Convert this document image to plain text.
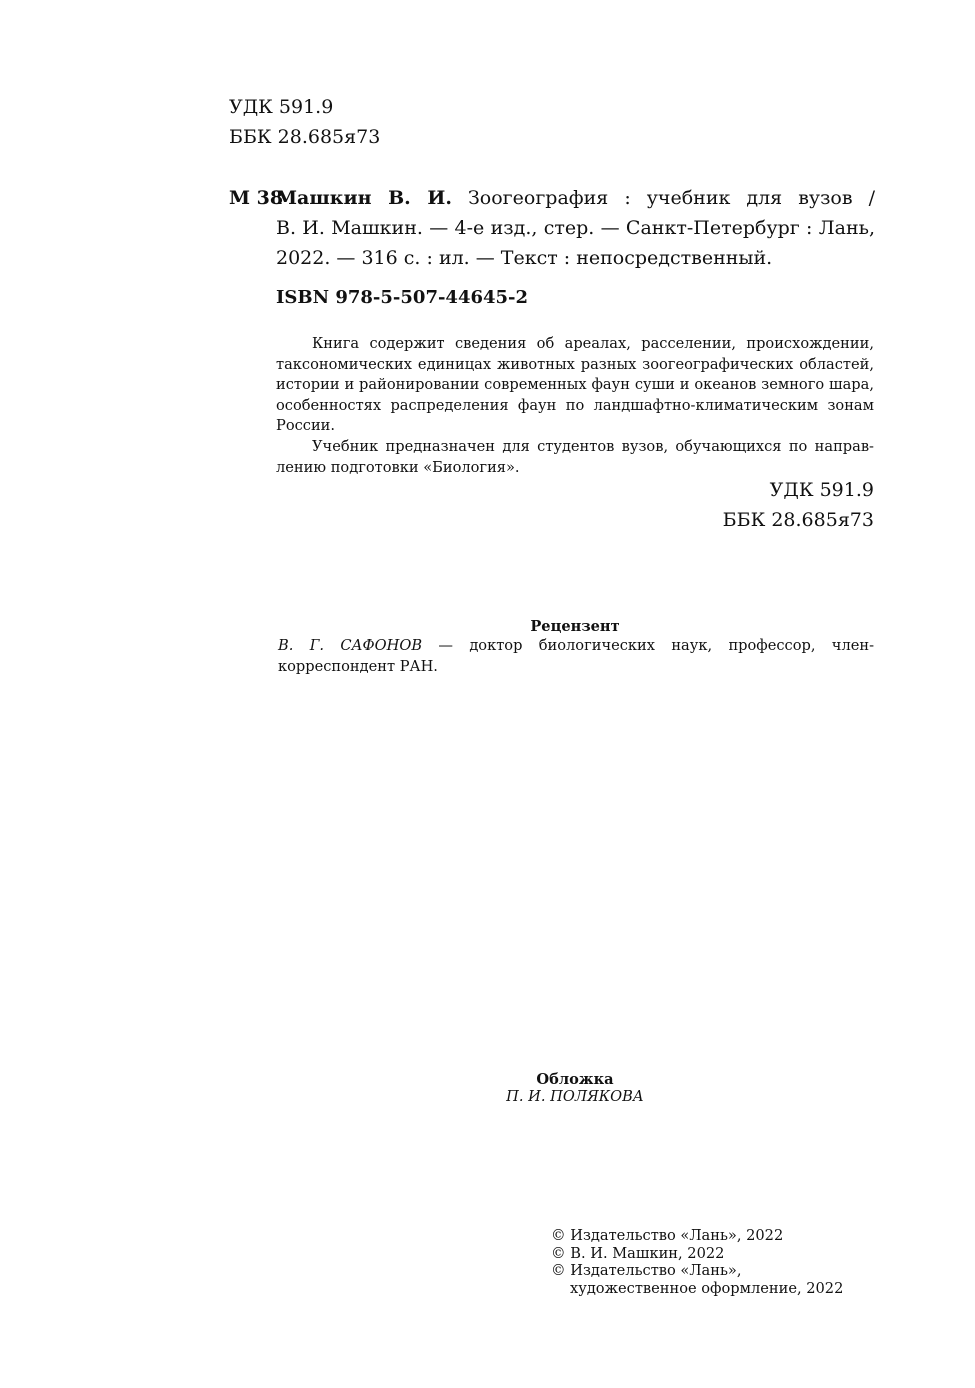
УДК 591.9
ББК 28.685я73
М 38
Машкин В. И. Зоогеография : учебник для вузов /
В. И. Машкин. — 4-е изд., стер. — Санкт-Петербург : Лань,
2022. — 316 с. : ил. — Текст : непосредственный.
ISBN 978-5-507-44645-2
Книга содержит сведения об ареалах, расселении, происхождении,
таксономических единицах животных разных зоогеографических областей,
истории и районировании современных фаун суши и океанов земного шара,
особенностях распределения фаун по ландшафтно-климатическим зонам
России.
Учебник предназначен для студентов вузов, обучающихся по направ-
лению подготовки «Биология».
УДК 591.9
ББК 28.685я73
Рецензент
В. Г. САФОНОВ — доктор биологических наук, профессор, член-
корреспондент РАН.
Обложка
П. И. ПОЛЯКОВА
© Издательство «Лань», 2022
© В. И. Машкин, 2022
© Издательство «Лань»,
художественное оформление, 2022
